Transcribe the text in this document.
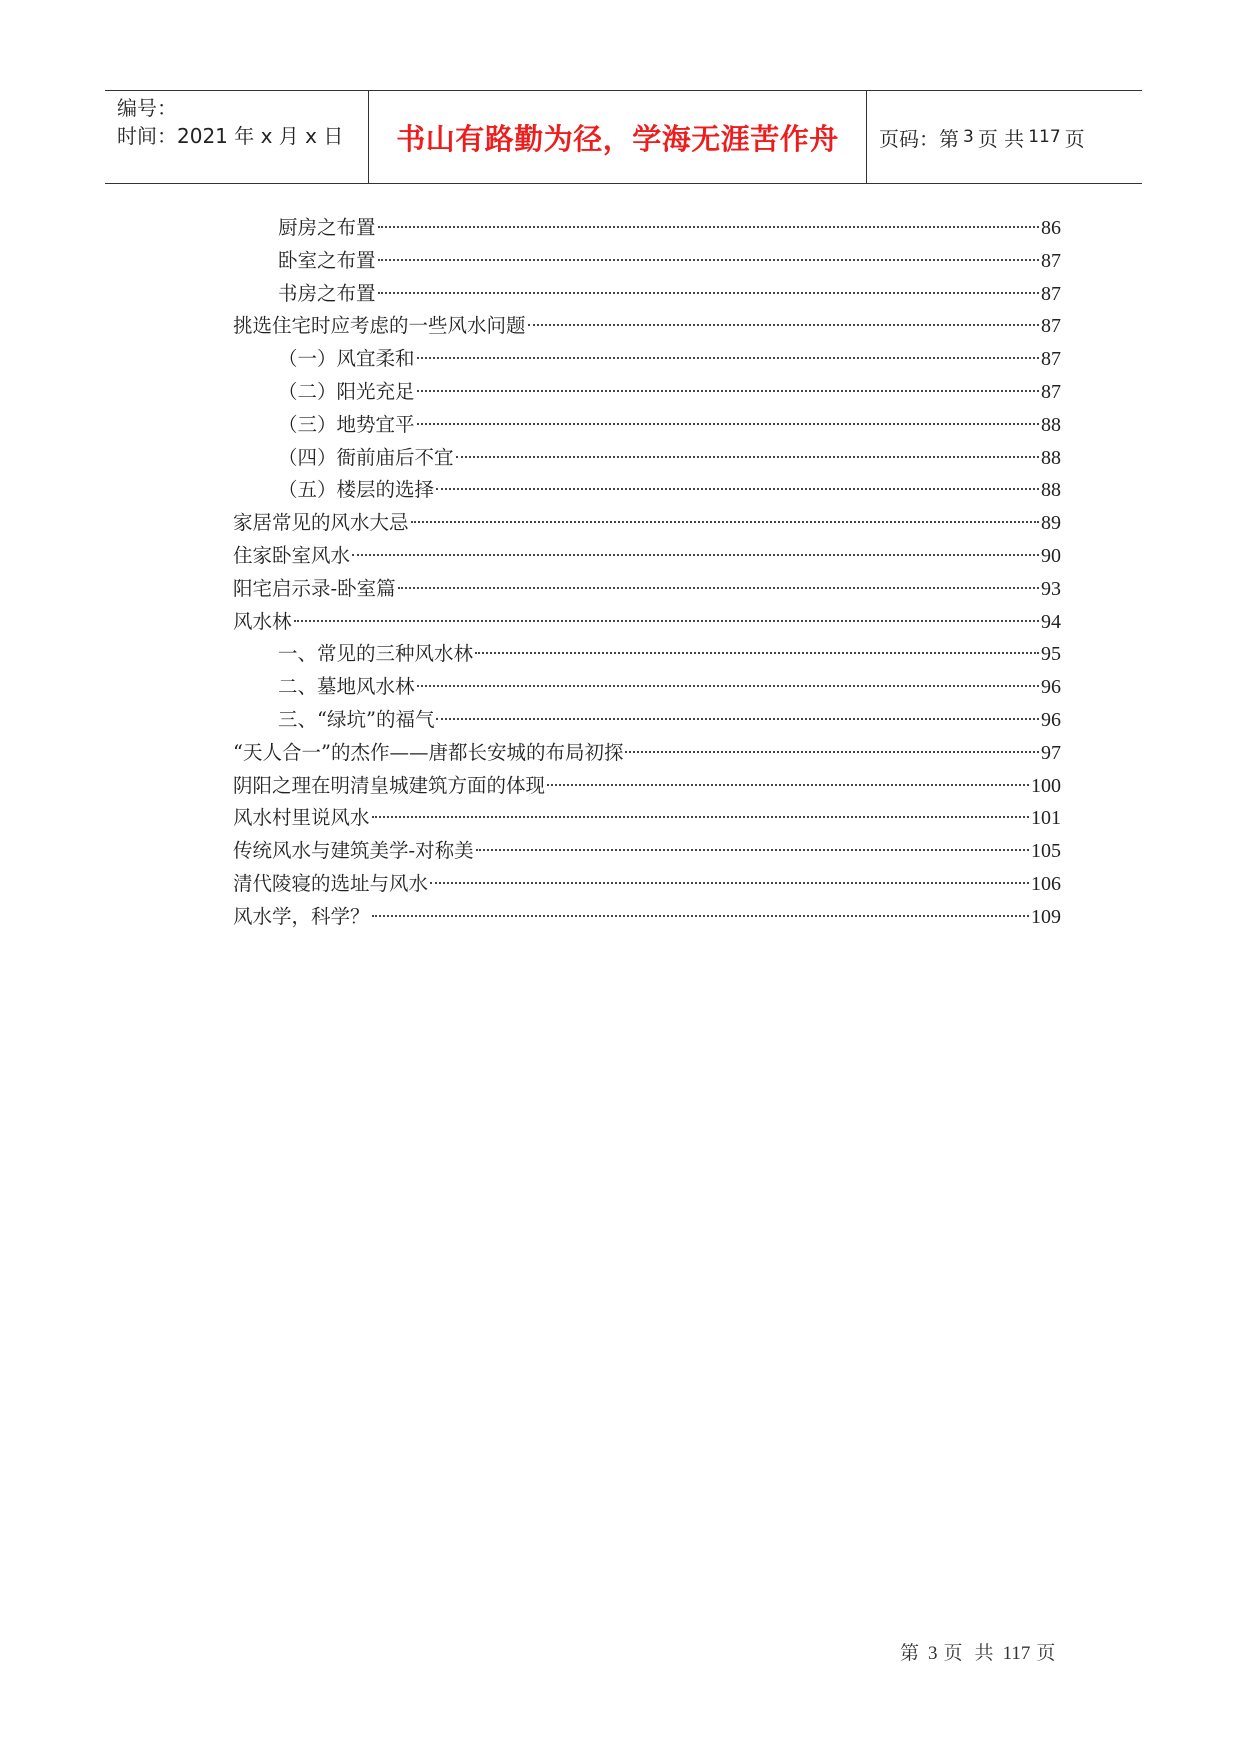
编号：
时间：2021 年 x 月 x 日	书山有路勤为径，学海无涯苦作舟 页码：第 3 页 共 117 页
厨房之布置	86
卧室之布置	87
书房之布置	87
挑选住宅时应考虑的一些风水问题	87
（一）风宜柔和	87
（二）阳光充足	87
（三）地势宜平	88
（四）衙前庙后不宜	88
（五）楼层的选择	88
家居常见的风水大忌	89
住家卧室风水	90
阳宅启示录-卧室篇	93
风水林	94
一、常见的三种风水林	95
二、墓地风水林	96
三、“绿坑”的福气	96
“天人合一”的杰作——唐都长安城的布局初探	97
阴阳之理在明清皇城建筑方面的体现	100
风水村里说风水	101
传统风水与建筑美学-对称美	105
清代陵寝的选址与风水	106
风水学，科学？	109
第 3 页 共 117 页
